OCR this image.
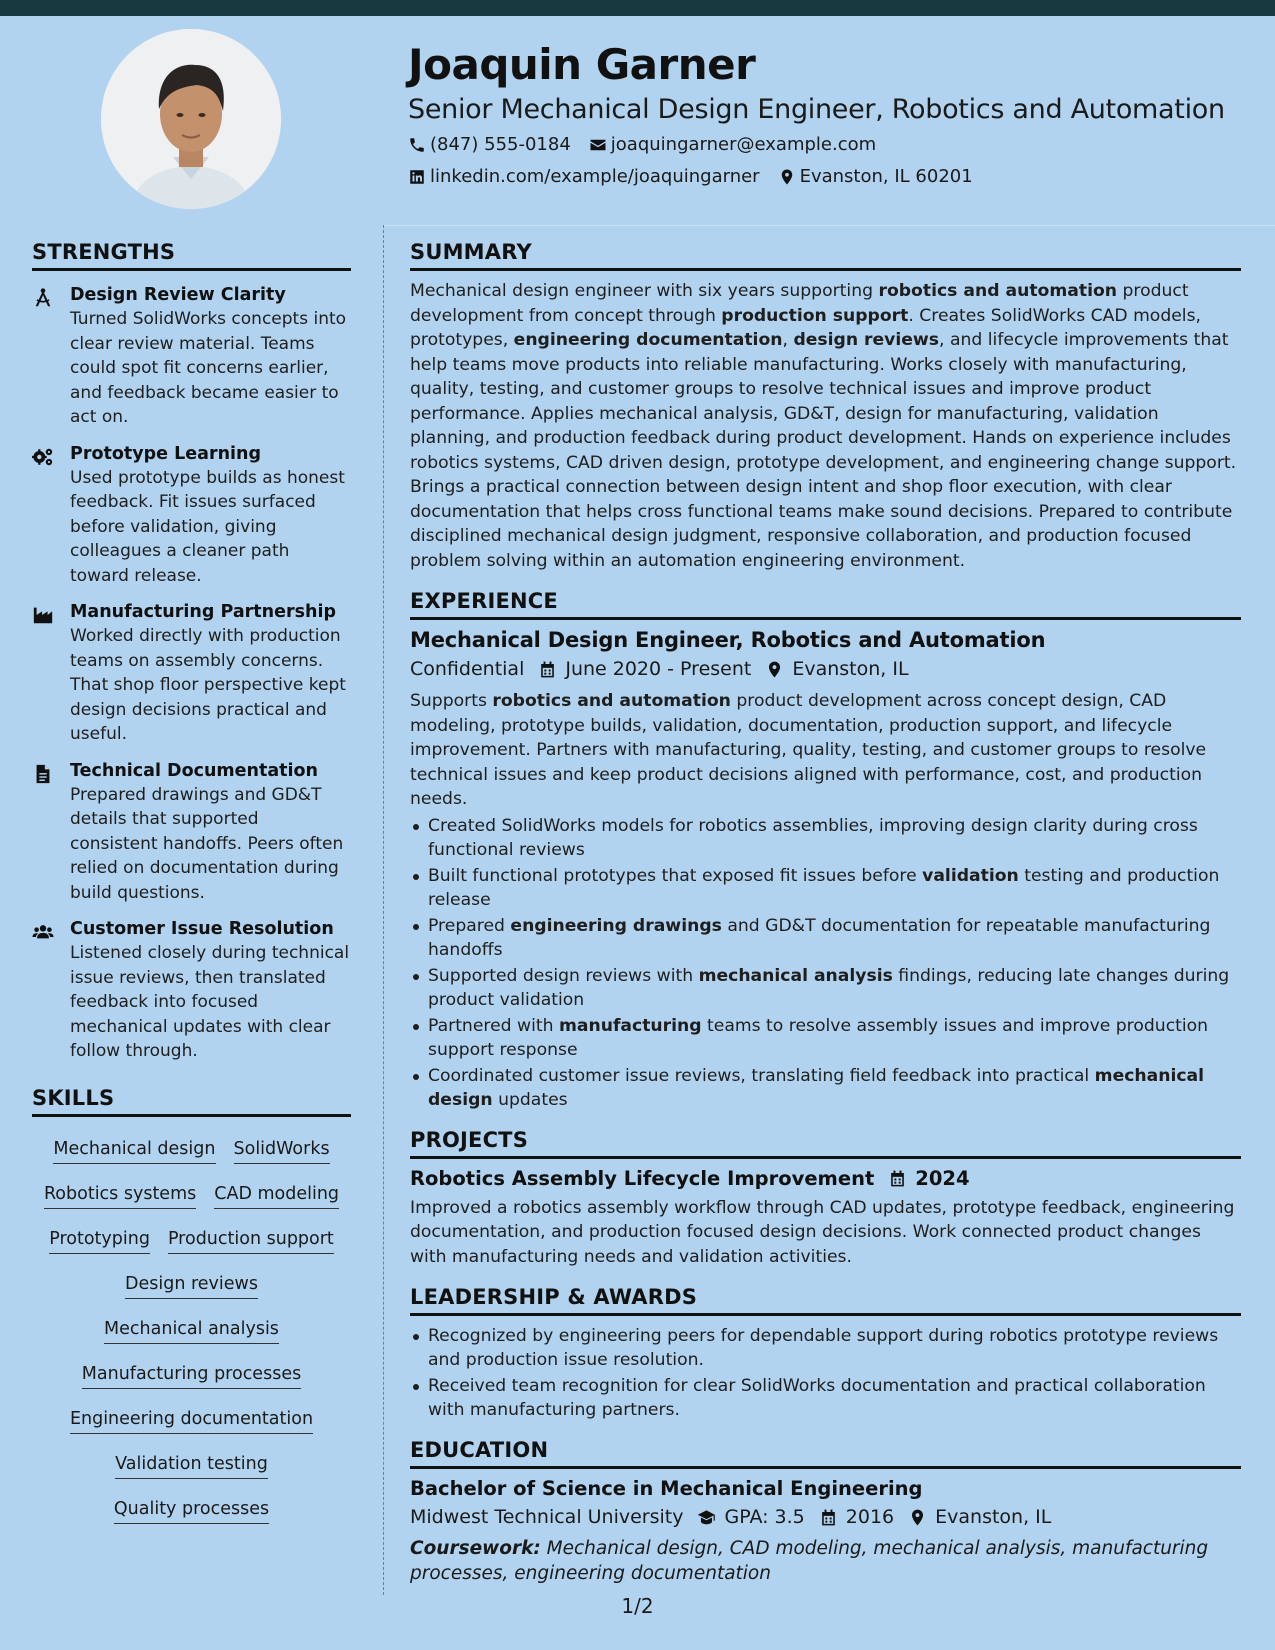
Joaquin Garner

Senior Mechanical Design Engineer, Robotics and Automation

(847) 555-0184 joaquingarner@example.com
linkedin.com/example/joaquingarner Evanston, IL 60201
STRENGTHS

Design Review Clarity

Turned SolidWorks concepts into clear review material. Teams could spot fit concerns earlier, and feedback became easier to act on.

Prototype Learning

Used prototype builds as honest feedback. Fit issues surfaced before validation, giving colleagues a cleaner path toward release.

Manufacturing Partnership

Worked directly with production teams on assembly concerns. That shop floor perspective kept design decisions practical and useful.

Technical Documentation

Prepared drawings and GD&T details that supported consistent handoffs. Peers often relied on documentation during build questions.

Customer Issue Resolution

Listened closely during technical issue reviews, then translated feedback into focused mechanical updates with clear follow through.

SKILLS
Mechanical design SolidWorks
Robotics systems CAD modeling
Prototyping Production support
Design reviews
Mechanical analysis
Manufacturing processes
Engineering documentation
Validation testing
Quality processes
SUMMARY

Mechanical design engineer with six years supporting robotics and automation product development from concept through production support. Creates SolidWorks CAD models, prototypes, engineering documentation, design reviews, and lifecycle improvements that help teams move products into reliable manufacturing. Works closely with manufacturing, quality, testing, and customer groups to resolve technical issues and improve product performance. Applies mechanical analysis, GD&T, design for manufacturing, validation planning, and production feedback during product development. Hands on experience includes robotics systems, CAD driven design, prototype development, and engineering change support. Brings a practical connection between design intent and shop floor execution, with clear documentation that helps cross functional teams make sound decisions. Prepared to contribute disciplined mechanical design judgment, responsive collaboration, and production focused problem solving within an automation engineering environment.

EXPERIENCE

Mechanical Design Engineer, Robotics and Automation

Confidential June 2020 - Present Evanston, IL

Supports robotics and automation product development across concept design, CAD modeling, prototype builds, validation, documentation, production support, and lifecycle improvement. Partners with manufacturing, quality, testing, and customer groups to resolve technical issues and keep product decisions aligned with performance, cost, and production needs.

Created SolidWorks models for robotics assemblies, improving design clarity during cross functional reviews
Built functional prototypes that exposed fit issues before validation testing and production release
Prepared engineering drawings and GD&T documentation for repeatable manufacturing handoffs
Supported design reviews with mechanical analysis findings, reducing late changes during product validation
Partnered with manufacturing teams to resolve assembly issues and improve production support response
Coordinated customer issue reviews, translating field feedback into practical mechanical design updates
PROJECTS

Robotics Assembly Lifecycle Improvement 2024

Improved a robotics assembly workflow through CAD updates, prototype feedback, engineering documentation, and production focused design decisions. Work connected product changes with manufacturing needs and validation activities.

LEADERSHIP & AWARDS
Recognized by engineering peers for dependable support during robotics prototype reviews and production issue resolution.
Received team recognition for clear SolidWorks documentation and practical collaboration with manufacturing partners.
EDUCATION

Bachelor of Science in Mechanical Engineering

Midwest Technical University GPA: 3.5 2016 Evanston, IL

Coursework: Mechanical design, CAD modeling, mechanical analysis, manufacturing processes, engineering documentation

1/2
